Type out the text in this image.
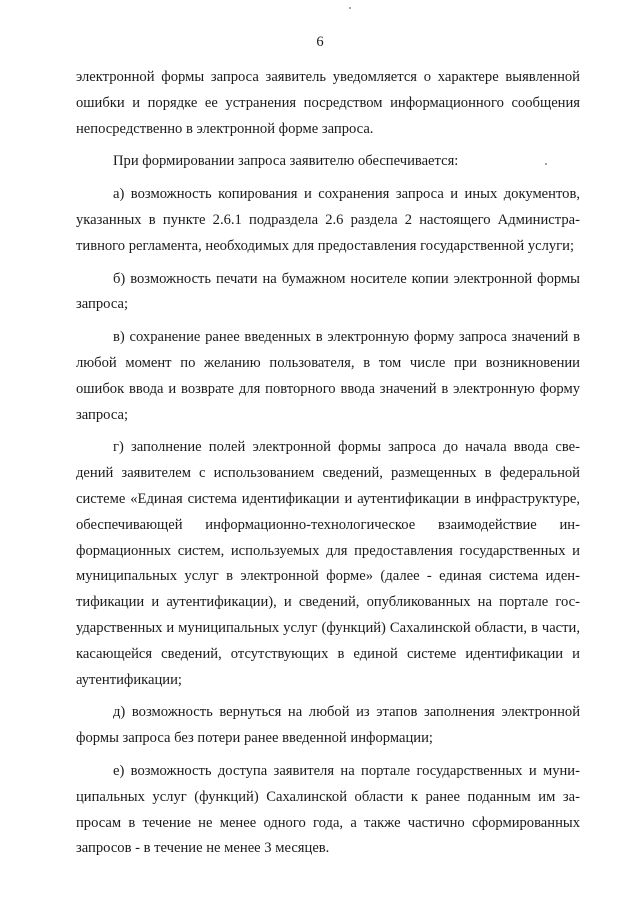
6

электронной формы запроса заявитель уведомляется о характере выявленной ошибки и порядке ее устранения посредством информационного сообщения непосредственно в электронной форме запроса.

При формировании запроса заявителю обеспечивается:

а) возможность копирования и сохранения запроса и иных документов, указанных в пункте 2.6.1 подраздела 2.6 раздела 2 настоящего Административного регламента, необходимых для предоставления государственной услуги;

б) возможность печати на бумажном носителе копии электронной формы запроса;

в) сохранение ранее введенных в электронную форму запроса значений в любой момент по желанию пользователя, в том числе при возникновении ошибок ввода и возврате для повторного ввода значений в электронную форму запроса;

г) заполнение полей электронной формы запроса до начала ввода сведений заявителем с использованием сведений, размещенных в федеральной системе «Единая система идентификации и аутентификации в инфраструктуре, обеспечивающей информационно-технологическое взаимодействие информационных систем, используемых для предоставления государственных и муниципальных услуг в электронной форме» (далее - единая система идентификации и аутентификации), и сведений, опубликованных на портале государственных и муниципальных услуг (функций) Сахалинской области, в части, касающейся сведений, отсутствующих в единой системе идентификации и аутентификации;

д) возможность вернуться на любой из этапов заполнения электронной формы запроса без потери ранее введенной информации;

е) возможность доступа заявителя на портале государственных и муниципальных услуг (функций) Сахалинской области к ранее поданным им запросам в течение не менее одного года, а также частично сформированных запросов - в течение не менее 3 месяцев.
